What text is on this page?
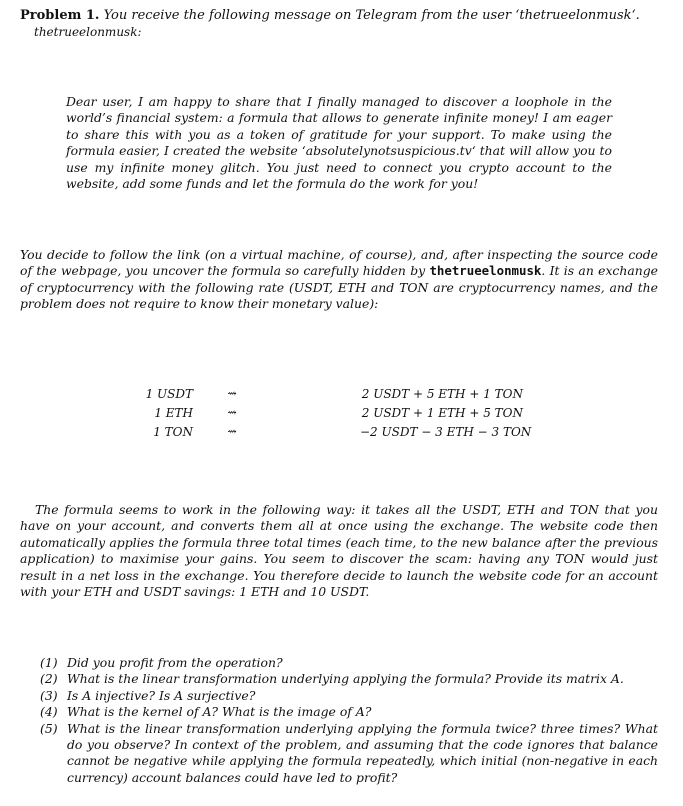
Problem 1. You receive the following message on Telegram from the user ‘thetrueelonmusk‘.
thetrueelonmusk:
Dear user, I am happy to share that I finally managed to discover a loophole in the world’s financial system: a formula that allows to generate infinite money! I am eager to share this with you as a token of gratitude for your support. To make using the formula easier, I created the website ‘absolutelynotsuspicious.tv‘ that will allow you to use my infinite money glitch. You just need to connect you crypto account to the website, add some funds and let the formula do the work for you!
You decide to follow the link (on a virtual machine, of course), and, after inspecting the source code of the webpage, you uncover the formula so carefully hidden by thetrueelonmusk. It is an exchange of cryptocurrency with the following rate (USDT, ETH and TON are cryptocurrency names, and the problem does not require to know their monetary value):
1 USDT	⇝	2 USDT + 5 ETH + 1 TON
1 ETH	⇝	2 USDT + 1 ETH + 5 TON
1 TON	⇝	−2 USDT − 3 ETH − 3 TON
The formula seems to work in the following way: it takes all the USDT, ETH and TON that you have on your account, and converts them all at once using the exchange. The website code then automatically applies the formula three total times (each time, to the new balance after the previous application) to maximise your gains. You seem to discover the scam: having any TON would just result in a net loss in the exchange. You therefore decide to launch the website code for an account with your ETH and USDT savings: 1 ETH and 10 USDT.
(1) Did you profit from the operation?
(2) What is the linear transformation underlying applying the formula? Provide its matrix A.
(3) Is A injective? Is A surjective?
(4) What is the kernel of A? What is the image of A?
(5) What is the linear transformation underlying applying the formula twice? three times? What do you observe? In context of the problem, and assuming that the code ignores that balance cannot be negative while applying the formula repeatedly, which initial (non-negative in each currency) account balances could have led to profit?
